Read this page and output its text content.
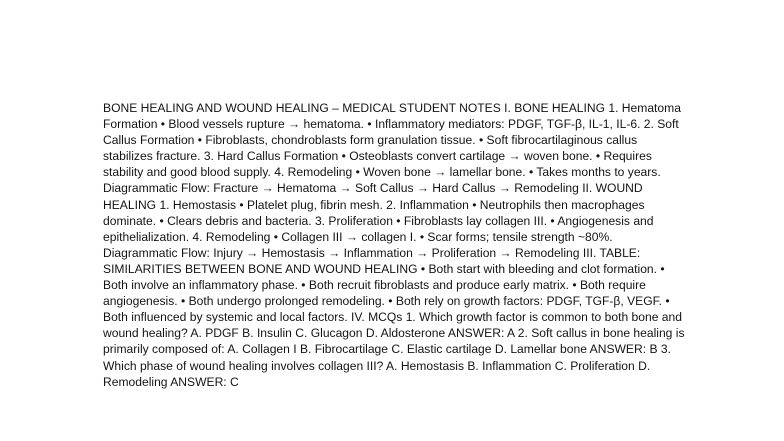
BONE HEALING AND WOUND HEALING – MEDICAL STUDENT NOTES I. BONE HEALING 1. Hematoma Formation • Blood vessels rupture → hematoma. • Inflammatory mediators: PDGF, TGF-β, IL-1, IL-6. 2. Soft Callus Formation • Fibroblasts, chondroblasts form granulation tissue. • Soft fibrocartilaginous callus stabilizes fracture. 3. Hard Callus Formation • Osteoblasts convert cartilage → woven bone. • Requires stability and good blood supply. 4. Remodeling • Woven bone → lamellar bone. • Takes months to years. Diagrammatic Flow: Fracture → Hematoma → Soft Callus → Hard Callus → Remodeling II. WOUND HEALING 1. Hemostasis • Platelet plug, fibrin mesh. 2. Inflammation • Neutrophils then macrophages dominate. • Clears debris and bacteria. 3. Proliferation • Fibroblasts lay collagen III. • Angiogenesis and epithelialization. 4. Remodeling • Collagen III → collagen I. • Scar forms; tensile strength ~80%. Diagrammatic Flow: Injury → Hemostasis → Inflammation → Proliferation → Remodeling III. TABLE: SIMILARITIES BETWEEN BONE AND WOUND HEALING • Both start with bleeding and clot formation. • Both involve an inflammatory phase. • Both recruit fibroblasts and produce early matrix. • Both require angiogenesis. • Both undergo prolonged remodeling. • Both rely on growth factors: PDGF, TGF-β, VEGF. • Both influenced by systemic and local factors. IV. MCQs 1. Which growth factor is common to both bone and wound healing? A. PDGF B. Insulin C. Glucagon D. Aldosterone ANSWER: A 2. Soft callus in bone healing is primarily composed of: A. Collagen I B. Fibrocartilage C. Elastic cartilage D. Lamellar bone ANSWER: B 3. Which phase of wound healing involves collagen III? A. Hemostasis B. Inflammation C. Proliferation D. Remodeling ANSWER: C
